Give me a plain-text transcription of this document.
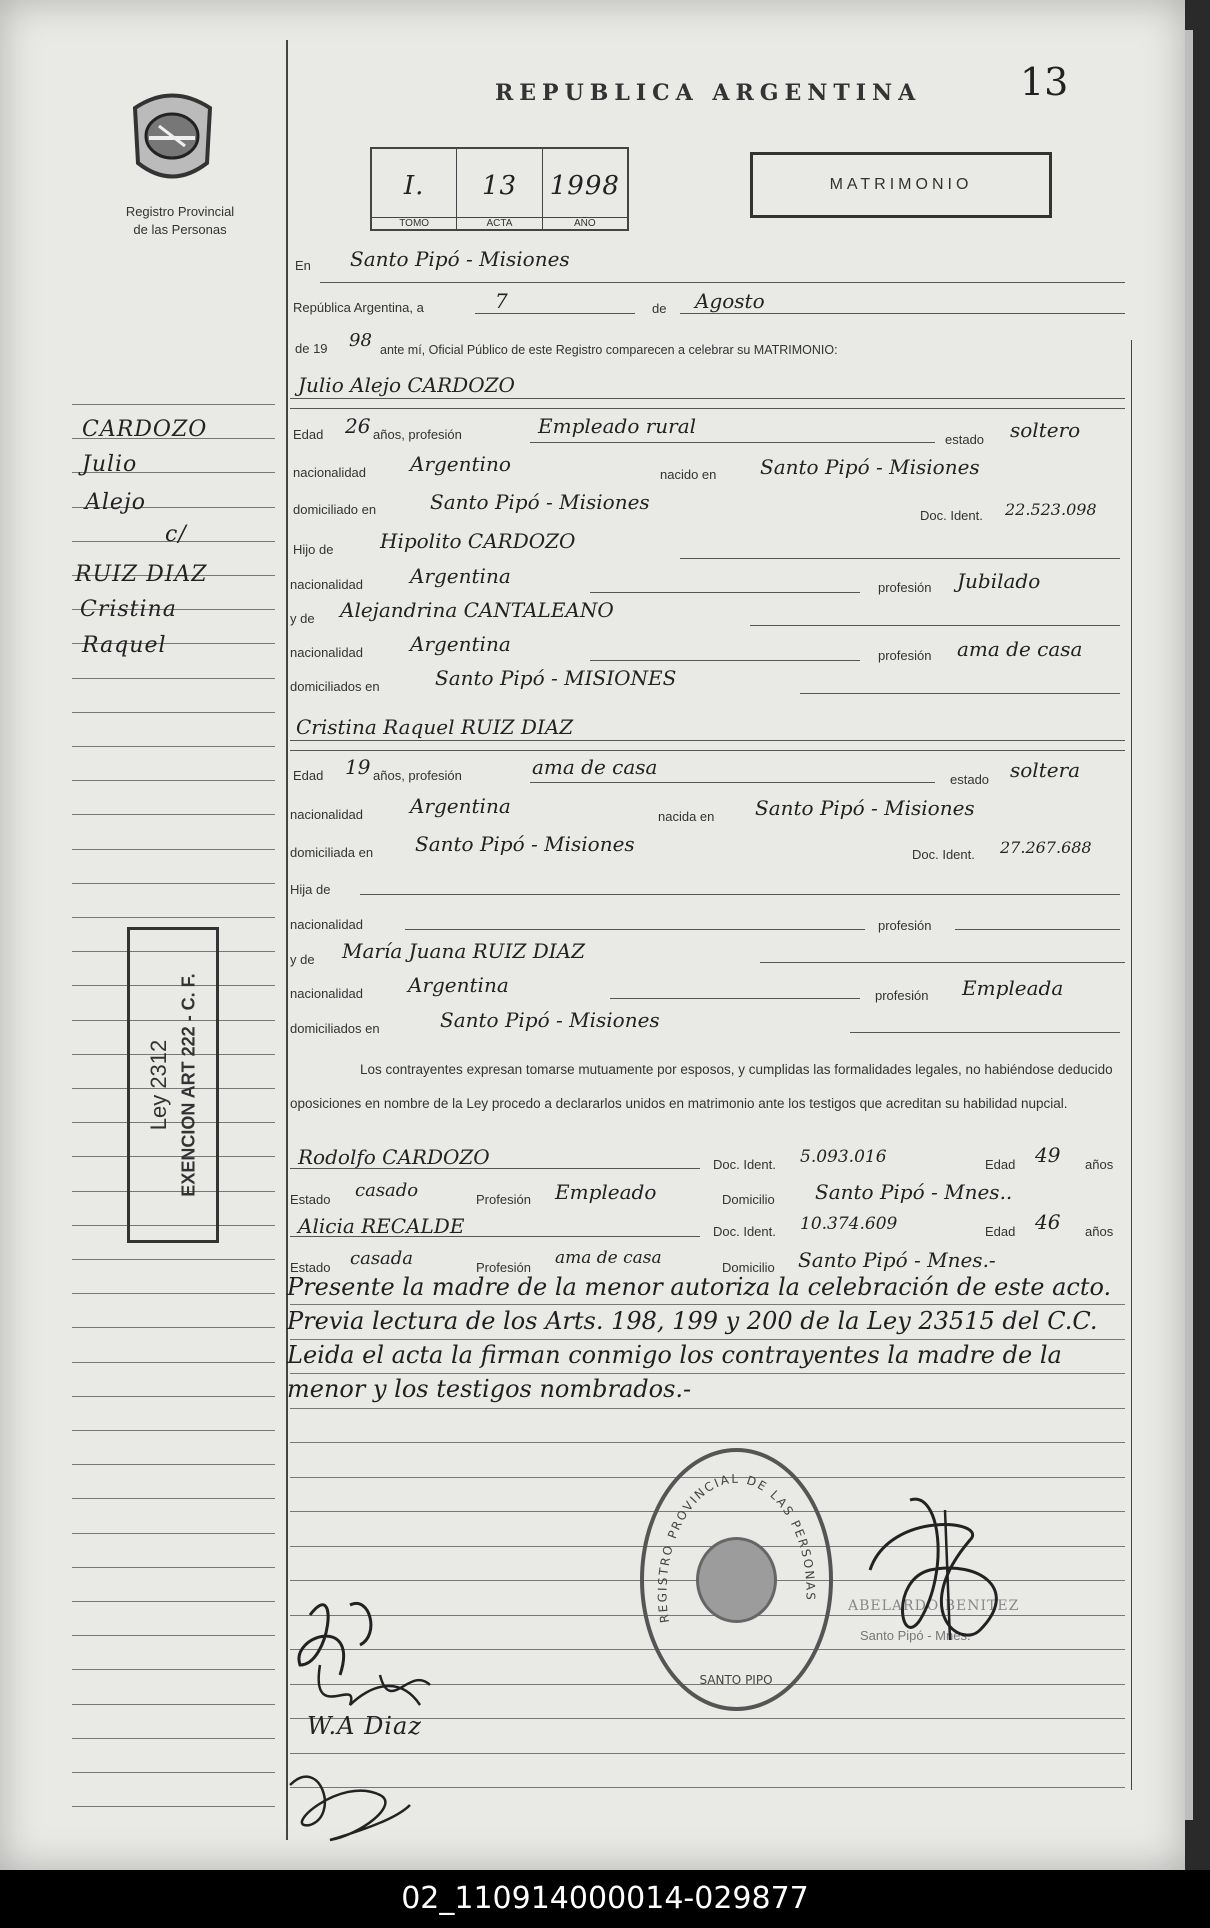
Registro Provincial
de las Personas
13
REPUBLICA ARGENTINA
I.
TOMO
13
ACTA
1998
AÑO
MATRIMONIO
CARDOZO
Julio
Alejo
c/
RUIZ DIAZ
Cristina
Raquel
Ley 2312 EXENCION ART 222 - C. F.
En Santo Pipó - Misiones
República Argentina, a	7	de Agosto
de 19 98 ante mí, Oficial Público de este Registro comparecen a celebrar su MATRIMONIO:
Julio Alejo CARDOZO
Edad 26 años, profesión	Empleado rural
estado soltero
nacionalidad Argentino	nacido en Santo Pipó - Misiones
domiciliado en	Santo Pipó - Misiones
Doc. Ident. 22.523.098
Hijo de Hipolito CARDOZO
nacionalidad Argentina	profesión Jubilado
y de Alejandrina CANTALEANO
nacionalidad Argentina	profesión ama de casa
domiciliados en	Santo Pipó - MISIONES
Cristina Raquel RUIZ DIAZ
Edad 19 años, profesión	ama de casa
estado soltera
nacionalidad Argentina	nacida en Santo Pipó - Misiones
domiciliada en Santo Pipó - Misiones	Doc. Ident. 27.267.688
Hija de
nacionalidad	profesión
y de María Juana RUIZ DIAZ
nacionalidad Argentina	profesión Empleada
domiciliados en	Santo Pipó - Misiones
Los contrayentes expresan tomarse mutuamente por esposos, y cumplidas las formalidades legales, no habiéndose deducido oposiciones en nombre de la Ley procedo a declararlos unidos en matrimonio ante los testigos que acreditan su habilidad nupcial.
Rodolfo CARDOZO	Doc. Ident. 5.093.016	Edad 49 años
Estado casado	Profesión Empleado	Domicilio Santo Pipó - Mnes..
Alicia RECALDE	Doc. Ident. 10.374.609	Edad 46 años
Estado casada	Profesión ama de casa	Domicilio Santo Pipó - Mnes.-
Presente la madre de la menor autoriza la celebración de este acto. Previa lectura de los Arts. 198, 199 y 200 de la Ley 23515 del C.C. Leida el acta la firman conmigo los contrayentes la madre de la menor y los testigos nombrados.-
REGISTRO PROVINCIAL DE LAS PERSONAS
SANTO PIPO
ABELARDO BENITEZ
Santo Pipó - Mnes.
W.A Diaz
02_110914000014-029877
